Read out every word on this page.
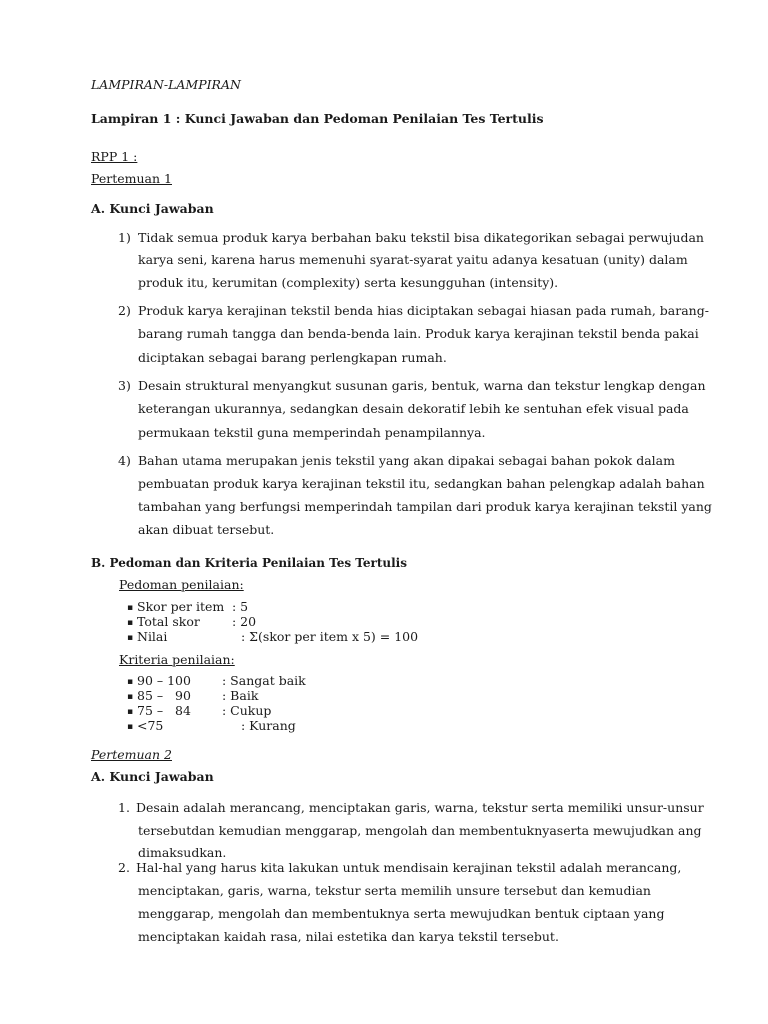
LAMPIRAN-LAMPIRAN
Lampiran 1 : Kunci Jawaban dan Pedoman Penilaian Tes Tertulis
RPP 1 :
Pertemuan 1
A. Kunci Jawaban
1) Tidak semua produk karya berbahan baku tekstil bisa dikategorikan sebagai perwujudan
karya seni, karena harus memenuhi syarat-syarat yaitu adanya kesatuan (unity) dalam
produk itu, kerumitan (complexity) serta kesungguhan (intensity).
2) Produk karya kerajinan tekstil benda hias diciptakan sebagai hiasan pada rumah, barang-
barang rumah tangga dan benda-benda lain. Produk karya kerajinan tekstil benda pakai
diciptakan sebagai barang perlengkapan rumah.
3) Desain struktural menyangkut susunan garis, bentuk, warna dan tekstur lengkap dengan
keterangan ukurannya, sedangkan desain dekoratif lebih ke sentuhan efek visual pada
permukaan tekstil guna memperindah penampilannya.
4) Bahan utama merupakan jenis tekstil yang akan dipakai sebagai bahan pokok dalam
pembuatan produk karya kerajinan tekstil itu, sedangkan bahan pelengkap adalah bahan
tambahan yang berfungsi memperindah tampilan dari produk karya kerajinan tekstil yang
akan dibuat tersebut.
B. Pedoman dan Kriteria Penilaian Tes Tertulis
Pedoman penilaian:
▪ Skor per item : 5
▪ Total skor	: 20
▪ Nilai	: Σ(skor per item x 5) = 100
Kriteria penilaian:
▪ 90 – 100 : Sangat baik
▪ 85 –   90 : Baik
▪ 75 –   84 : Cukup
▪ <75	: Kurang
Pertemuan 2
A. Kunci Jawaban
1. Desain adalah merancang, menciptakan garis, warna, tekstur serta memiliki unsur-unsur
tersebutdan kemudian menggarap, mengolah dan membentuknyaserta mewujudkan ang
dimaksudkan.
2. Hal-hal yang harus kita lakukan untuk mendisain kerajinan tekstil adalah merancang,
menciptakan, garis, warna, tekstur serta memilih unsure tersebut dan kemudian
menggarap, mengolah dan membentuknya serta mewujudkan bentuk ciptaan yang
menciptakan kaidah rasa, nilai estetika dan karya tekstil tersebut.
